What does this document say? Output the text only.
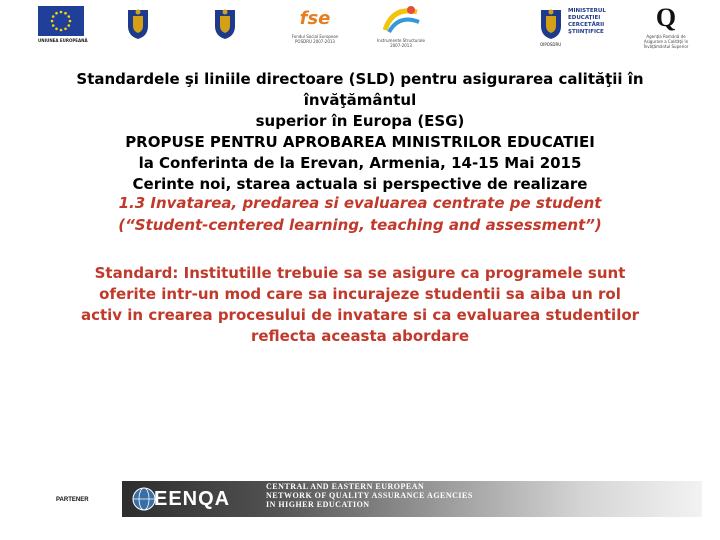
UNIUNEA EUROPEANĂ
fse
Fondul Social European
POSDRU 2007-2013	Instrumente Structurale
2007-2013	OIPOSDRU
MINISTERUL
EDUCAŢIEI
CERCETĂRII
ŞTIINŢIFICE	Q
Agenţia Română de
Asigurare a Calităţii în
Învăţământul Superior
Standardele şi liniile directoare (SLD) pentru asigurarea calităţii în învăţământul
superior în Europa (ESG)
PROPUSE PENTRU APROBAREA MINISTRILOR EDUCATIEI
la Conferinta de la Erevan, Armenia, 14-15 Mai 2015
Cerinte noi, starea actuala si perspective de realizare
1.3 Invatarea, predarea si evaluarea centrate pe student
(“Student-centered learning, teaching and assessment”)
Standard: Institutille trebuie sa se asigure ca programele sunt
oferite intr-un mod care sa incurajeze studentii sa aiba un rol
activ in crearea procesului de invatare si ca evaluarea studentilor
reflecta aceasta abordare
PARTENER	EENQA
CENTRAL AND EASTERN EUROPEAN
NETWORK OF QUALITY ASSURANCE AGENCIES
IN HIGHER EDUCATION
